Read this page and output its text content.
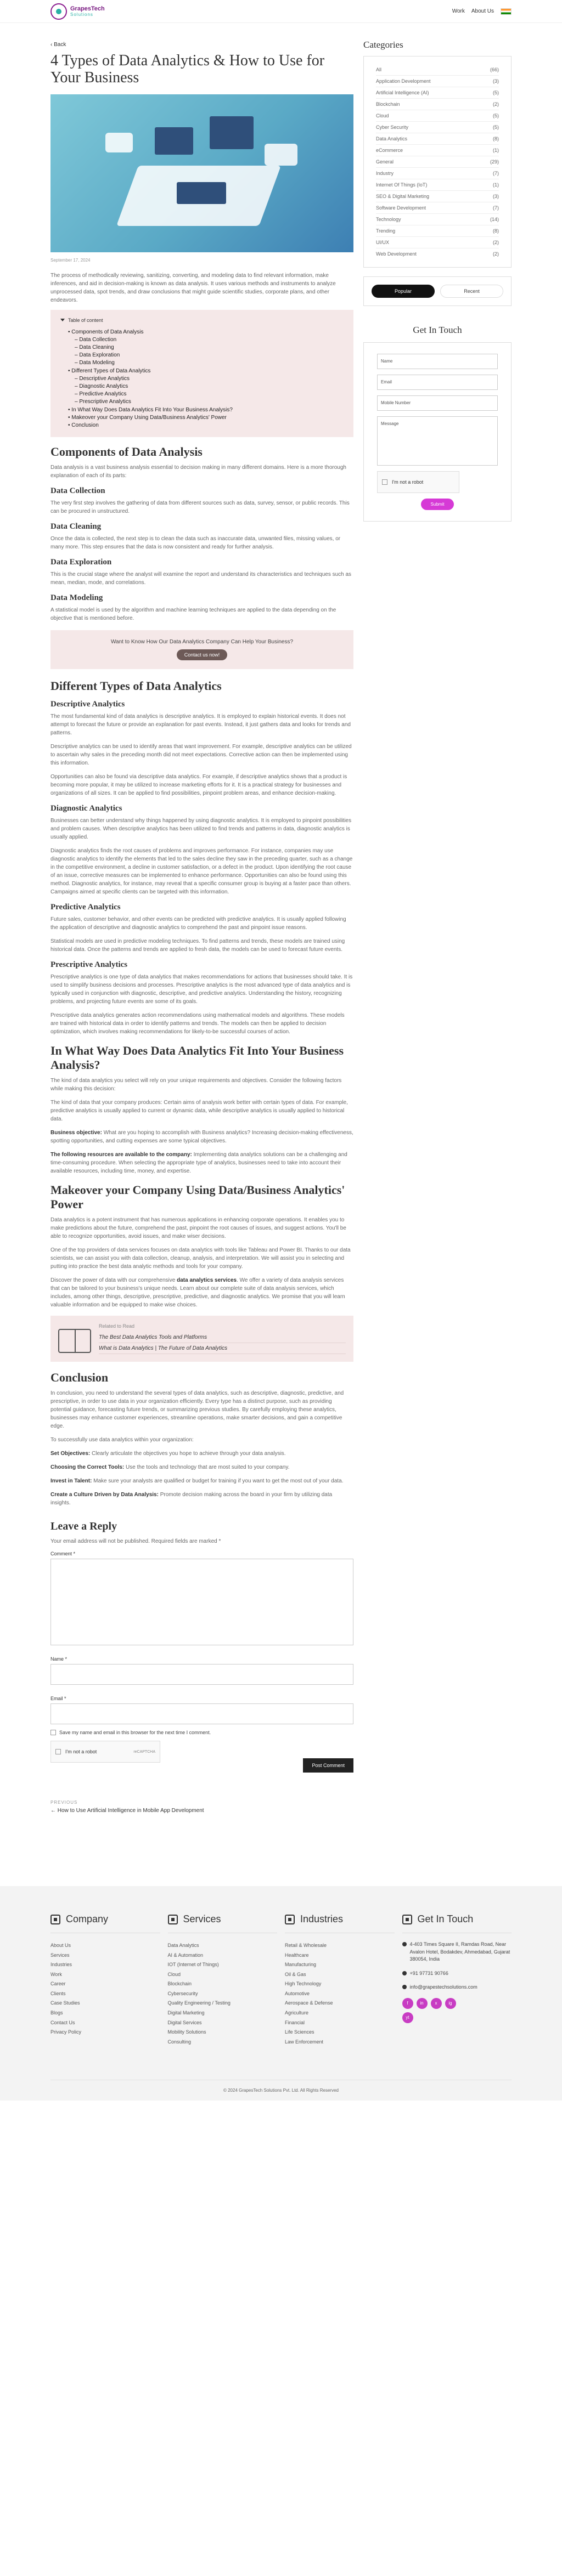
GrapesTech
Solutions
Work About Us
‹ Back
4 Types of Data Analytics & How to Use for Your Business
September 17, 2024

The process of methodically reviewing, sanitizing, converting, and modeling data to find relevant information, make inferences, and aid in decision-making is known as data analysis. It uses various methods and instruments to analyze unprocessed data, spot trends, and draw conclusions that might guide scientific studies, corporate plans, and other endeavors.

Table of content
• Components of Data Analysis
– Data Collection
– Data Cleaning
– Data Exploration
– Data Modeling
• Different Types of Data Analytics
– Descriptive Analytics
– Diagnostic Analytics
– Predictive Analytics
– Prescriptive Analytics
• In What Way Does Data Analytics Fit Into Your Business Analysis?
• Makeover your Company Using Data/Business Analytics' Power
• Conclusion
Components of Data Analysis

Data analysis is a vast business analysis essential to decision making in many different domains. Here is a more thorough explanation of each of its parts:

Data Collection

The very first step involves the gathering of data from different sources such as data, survey, sensor, or public records. This can be procured in unstructured.

Data Cleaning

Once the data is collected, the next step is to clean the data such as inaccurate data, unwanted files, missing values, or many more. This step ensures that the data is now consistent and ready for further analysis.

Data Exploration

This is the crucial stage where the analyst will examine the report and understand its characteristics and techniques such as mean, median, mode, and correlations.

Data Modeling

A statistical model is used by the algorithm and machine learning techniques are applied to the data depending on the objective that is mentioned before.

Want to Know How Our Data Analytics Company Can Help Your Business?
Contact us now!
Different Types of Data Analytics
Descriptive Analytics

The most fundamental kind of data analytics is descriptive analytics. It is employed to explain historical events. It does not attempt to forecast the future or provide an explanation for past events. Instead, it just gathers data and looks for trends and patterns.

Descriptive analytics can be used to identify areas that want improvement. For example, descriptive analytics can be utilized to ascertain why sales in the preceding month did not meet expectations. Corrective action can then be implemented using this information.

Opportunities can also be found via descriptive data analytics. For example, if descriptive analytics shows that a product is becoming more popular, it may be utilized to increase marketing efforts for it. It is a practical strategy for businesses and organizations of all sizes. It can be applied to find possibilities, pinpoint problem areas, and enhance decision-making.

Diagnostic Analytics

Businesses can better understand why things happened by using diagnostic analytics. It is employed to pinpoint possibilities and problem causes. When descriptive analytics has been utilized to find trends and patterns in data, diagnostic analytics is usually applied.

Diagnostic analytics finds the root causes of problems and improves performance. For instance, companies may use diagnostic analytics to identify the elements that led to the sales decline they saw in the preceding quarter, such as a change in the competitive environment, a decline in customer satisfaction, or a defect in the product. Upon identifying the root cause of an issue, corrective measures can be implemented to enhance performance. Opportunities can also be found using this method. Diagnostic analytics, for instance, may reveal that a specific consumer group is buying at a faster pace than others. Campaigns aimed at specific clients can be targeted with this information.

Predictive Analytics

Future sales, customer behavior, and other events can be predicted with predictive analytics. It is usually applied following the application of descriptive and diagnostic analytics to comprehend the past and pinpoint issue reasons.

Statistical models are used in predictive modeling techniques. To find patterns and trends, these models are trained using historical data. Once the patterns and trends are applied to fresh data, the models can be used to forecast future events.

Prescriptive Analytics

Prescriptive analytics is one type of data analytics that makes recommendations for actions that businesses should take. It is used to simplify business decisions and processes. Prescriptive analytics is the most advanced type of data analytics and is typically used in conjunction with diagnostic, descriptive, and predictive analytics. Understanding the history, recognizing problems, and projecting future events are some of its goals.

Prescriptive data analytics generates action recommendations using mathematical models and algorithms. These models are trained with historical data in order to identify patterns and trends. The models can then be applied to decision optimization, which involves making recommendations for likely-to-be successful courses of action.

In What Way Does Data Analytics Fit Into Your Business Analysis?

The kind of data analytics you select will rely on your unique requirements and objectives. Consider the following factors while making this decision:

The kind of data that your company produces: Certain aims of analysis work better with certain types of data. For example, predictive analytics is usually applied to current or dynamic data, while descriptive analytics is usually applied to historical data.

Business objective: What are you hoping to accomplish with Business analytics? Increasing decision-making effectiveness, spotting opportunities, and cutting expenses are some typical objectives.

The following resources are available to the company: Implementing data analytics solutions can be a challenging and time-consuming procedure. When selecting the appropriate type of analytics, businesses need to take into account their available resources, including time, money, and expertise.

Makeover your Company Using Data/Business Analytics' Power

Data analytics is a potent instrument that has numerous applications in enhancing corporate operations. It enables you to make predictions about the future, comprehend the past, pinpoint the root causes of issues, and suggest actions. You'll be able to recognize opportunities, avoid issues, and make wiser decisions.

One of the top providers of data services focuses on data analytics with tools like Tableau and Power BI. Thanks to our data scientists, we can assist you with data collection, cleanup, analysis, and interpretation. We will assist you in selecting and putting into practice the best data analytic methods and tools for your company.

Discover the power of data with our comprehensive data analytics services. We offer a variety of data analysis services that can be tailored to your business's unique needs. Learn about our complete suite of data analysis services, which includes, among other things, descriptive, prescriptive, predictive, and diagnostic analytics. We promise that you will learn valuable information and be equipped to make wise choices.

Related to Read
The Best Data Analytics Tools and Platforms
What is Data Analytics | The Future of Data Analytics
Conclusion

In conclusion, you need to understand the several types of data analytics, such as descriptive, diagnostic, predictive, and prescriptive, in order to use data in your organization efficiently. Every type has a distinct purpose, such as providing potential guidance, forecasting future trends, or summarizing previous studies. By carefully employing these analytics, businesses may enhance customer experiences, streamline operations, make smarter decisions, and gain a competitive edge.

To successfully use data analytics within your organization:

Set Objectives: Clearly articulate the objectives you hope to achieve through your data analysis.

Choosing the Correct Tools: Use the tools and technology that are most suited to your company.

Invest in Talent: Make sure your analysts are qualified or budget for training if you want to get the most out of your data.

Create a Culture Driven by Data Analysis: Promote decision making across the board in your firm by utilizing data insights.

Leave a Reply

Your email address will not be published. Required fields are marked *

Comment *
Name *
Email *
Save my name and email in this browser for the next time I comment.
I'm not a robot	reCAPTCHA
Post Comment
PREVIOUS
← How to Use Artificial Intelligence in Mobile App Development
Categories
All	(66)
Application Development	(3)
Artificial Intelligence (AI)	(5)
Blockchain	(2)
Cloud	(5)
Cyber Security	(5)
Data Analytics	(8)
eCommerce	(1)
General	(29)
Industry	(7)
Internet Of Things (IoT)	(1)
SEO & Digital Marketing	(3)
Software Development	(7)
Technology	(14)
Trending	(8)
UI/UX	(2)
Web Development	(2)
Popular	Recent
Get In Touch
Name
Email
Mobile Number
Message
I'm not a robot
Submit
Company
About Us
Services
Industries
Work
Career
Clients
Case Studies
Blogs
Contact Us
Privacy Policy
Services
Data Analytics
AI & Automation
IOT (Internet of Things)
Cloud
Blockchain
Cybersecurity
Quality Engineering / Testing
Digital Marketing
Digital Services
Mobility Solutions
Consulting
Industries
Retail & Wholesale
Healthcare
Manufacturing
Oil & Gas
High Technology
Automotive
Aerospace & Defense
Agriculture
Financial
Life Sciences
Law Enforcement
Get In Touch
4-403 Times Square II, Ramdas Road, Near Avalon Hotel, Bodakdev, Ahmedabad, Gujarat 380054, India
+91 97731 90766
info@grapestechsolutions.com
f	in	x	ig
yt
© 2024 GrapesTech Solutions Pvt. Ltd. All Rights Reserved
